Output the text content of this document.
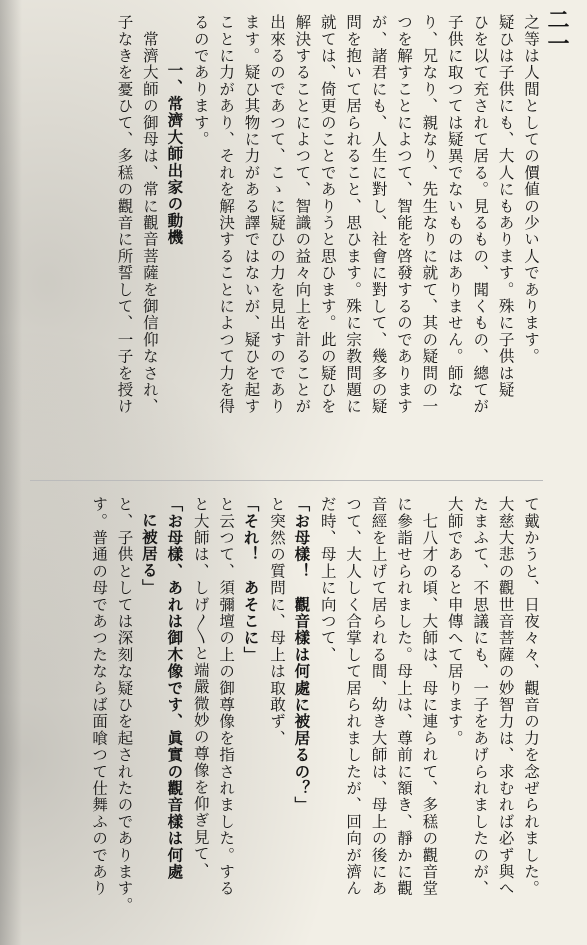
二一
之等は人間としての價値の少い人であります。
疑ひは子供にも、大人にもあります。殊に子供は疑
ひを以て充されて居る。見るもの、聞くもの、總てが
子供に取つては疑異でないものはありません。師な
り、兄なり、親なり、先生なりに就て、其の疑問の一
つを解すことによつて、智能を啓發するのであります
が、諸君にも、人生に對し、社會に對して、幾多の疑
問を抱いて居られること、思ひます。殊に宗教問題に
就ては、倚更のことでありうと思ひます。此の疑ひを
解決することによつて、智識の益々向上を計ることが
出來るのであつて、こゝに疑ひの力を見出すのであり
ます。疑ひ其物に力がある譯ではないが、疑ひを起す
ことに力があり、それを解決することによつて力を得
るのであります。
一、常濟大師出家の動機
　常濟大師の御母は、常に觀音菩薩を御信仰なされ、
子なきを憂ひて、多䅵の觀音に所誓して、一子を授け
て戴かうと、日夜々々、觀音の力を念ぜられました。
大慈大悲の觀世音菩薩の妙智力は、求むれば必ず與へ
たまふて、不思議にも、一子をあげられましたのが、
大師であると申傳へて居ります。
　七八才の頃、大師は、母に連られて、多䅵の觀音堂
に參詣せられました。母上は、尊前に額き、靜かに觀
音經を上げて居られる間、幼き大師は、母上の後にあ
つて、大人しく合掌して居られましたが、回向が濟ん
だ時、母上に向つて、
「お母樣！　觀音樣は何處に被居るの？」
と突然の質問に、母上は取敢ず、
「それ！　あそこに」
と云つて、須彌壇の上の御尊像を指されました。する
と大師は、しげ〳〵と端嚴微妙の尊像を仰ぎ見て、
「お母樣、あれは御木像です、眞實の觀音樣は何處
に被居る」
と、子供としては深刻な疑ひを起されたのであります。
す。普通の母であつたならば面喰つて仕舞ふのであり
